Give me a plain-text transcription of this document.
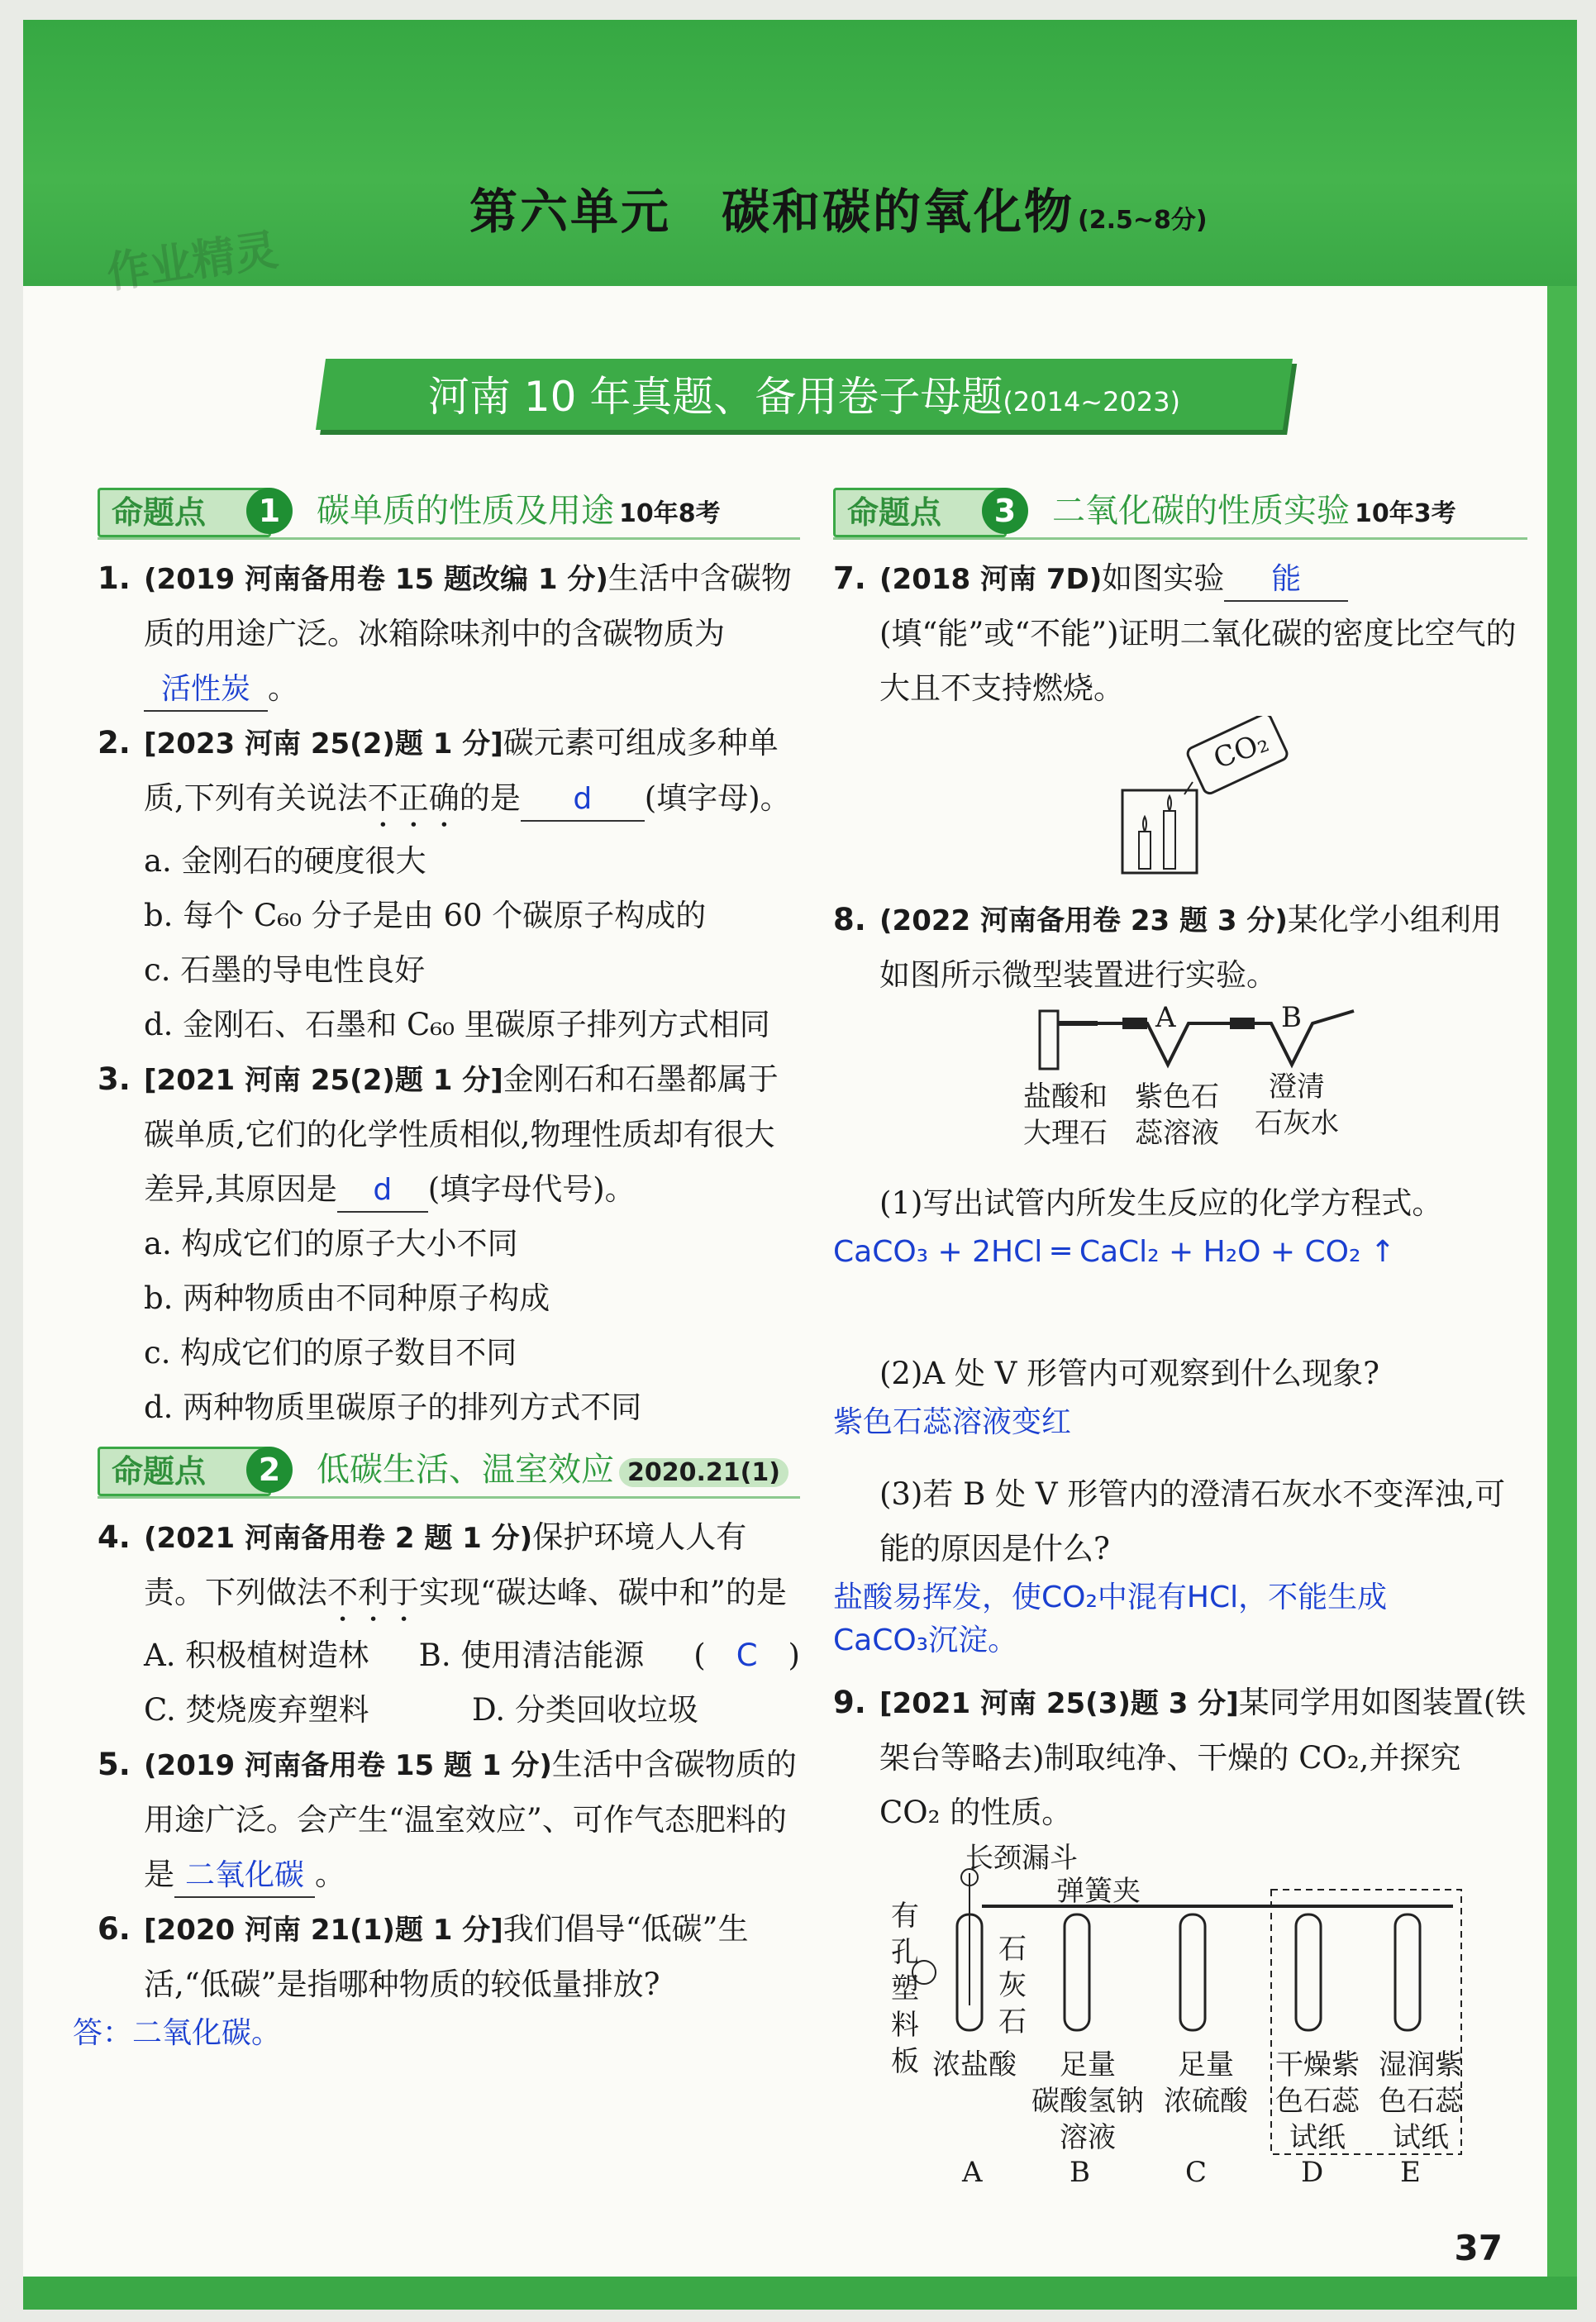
第六单元　碳和碳的氧化物 (2.5~8分)
作业精灵
河南 10 年真题、备用卷子母题(2014~2023)
命题点	1	碳单质的性质及用途 10年8考
1. (2019 河南备用卷 15 题改编 1 分)生活中含碳物质的用途广泛。冰箱除味剂中的含碳物质为活性炭 。
2. [2023 河南 25(2)题 1 分]碳元素可组成多种单质,下列有关说法不正确的是 d (填字母)。
a. 金刚石的硬度很大
b. 每个 C₆₀ 分子是由 60 个碳原子构成的
c. 石墨的导电性良好
d. 金刚石、石墨和 C₆₀ 里碳原子排列方式相同
3. [2021 河南 25(2)题 1 分]金刚石和石墨都属于碳单质,它们的化学性质相似,物理性质却有很大差异,其原因是 d (填字母代号)。
a. 构成它们的原子大小不同
b. 两种物质由不同种原子构成
c. 构成它们的原子数目不同
d. 两种物质里碳原子的排列方式不同
命题点	2	低碳生活、温室效应 2020.21(1)
4. (2021 河南备用卷 2 题 1 分)保护环境人人有责。下列做法不利于实现“碳达峰、碳中和”的是
(　C　)
A. 积极植树造林	B. 使用清洁能源
C. 焚烧废弃塑料	D. 分类回收垃圾
5. (2019 河南备用卷 15 题 1 分)生活中含碳物质的用途广泛。会产生“温室效应”、可作气态肥料的是 二氧化碳 。
6. [2020 河南 21(1)题 1 分]我们倡导“低碳”生活,“低碳”是指哪种物质的较低量排放?
答：二氧化碳。
命题点	3	二氧化碳的性质实验 10年3考
7. (2018 河南 7D)如图实验 能(填“能”或“不能”)证明二氧化碳的密度比空气的大且不支持燃烧。
CO₂
8. (2022 河南备用卷 23 题 3 分)某化学小组利用如图所示微型装置进行实验。
A	B
盐酸和
大理石
紫色石
蕊溶液
澄清
石灰水
(1)写出试管内所发生反应的化学方程式。
CaCO₃ + 2HCl ═ CaCl₂ + H₂O + CO₂ ↑
(2)A 处 V 形管内可观察到什么现象?
紫色石蕊溶液变红
(3)若 B 处 V 形管内的澄清石灰水不变浑浊,可能的原因是什么?
盐酸易挥发，使CO₂中混有HCl，不能生成CaCO₃沉淀。
9. [2021 河南 25(3)题 3 分]某同学用如图装置(铁架台等略去)制取纯净、干燥的 CO₂,并探究 CO₂ 的性质。
长颈漏斗
弹簧夹
有
孔
塑
料
板
石
灰
石
浓盐酸	足量
碳酸氢钠
溶液
足量
浓硫酸
干燥紫
色石蕊
试纸
湿润紫
色石蕊
试纸
A	B	C	D	E
37
